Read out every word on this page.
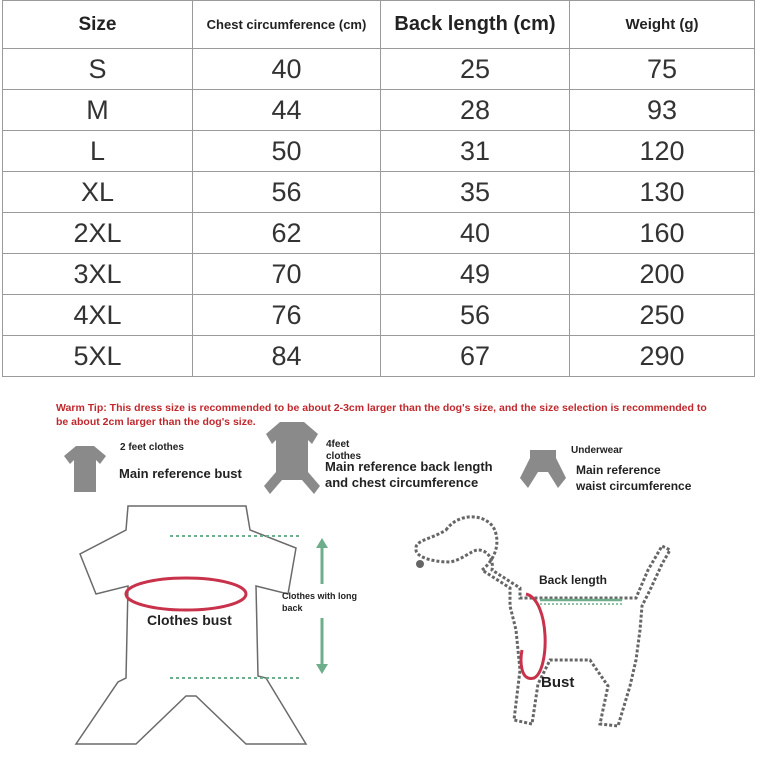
Size	Chest circumference (cm)	Back length (cm)	Weight (g)
S	40	25	75
M	44	28	93
L	50	31	120
XL	56	35	130
2XL	62	40	160
3XL	70	49	200
4XL	76	56	250
5XL	84	67	290

Warm Tip: This dress size is recommended to be about 2-3cm larger than the dog's size, and the size selection is recommended to be about 2cm larger than the dog's size.

2 feet clothes
Main reference bust
4feet
clothes
Main reference back length
and chest circumference
Underwear
Main reference
waist circumference
Clothes bust
Clothes with long
back
Back length
Bust
